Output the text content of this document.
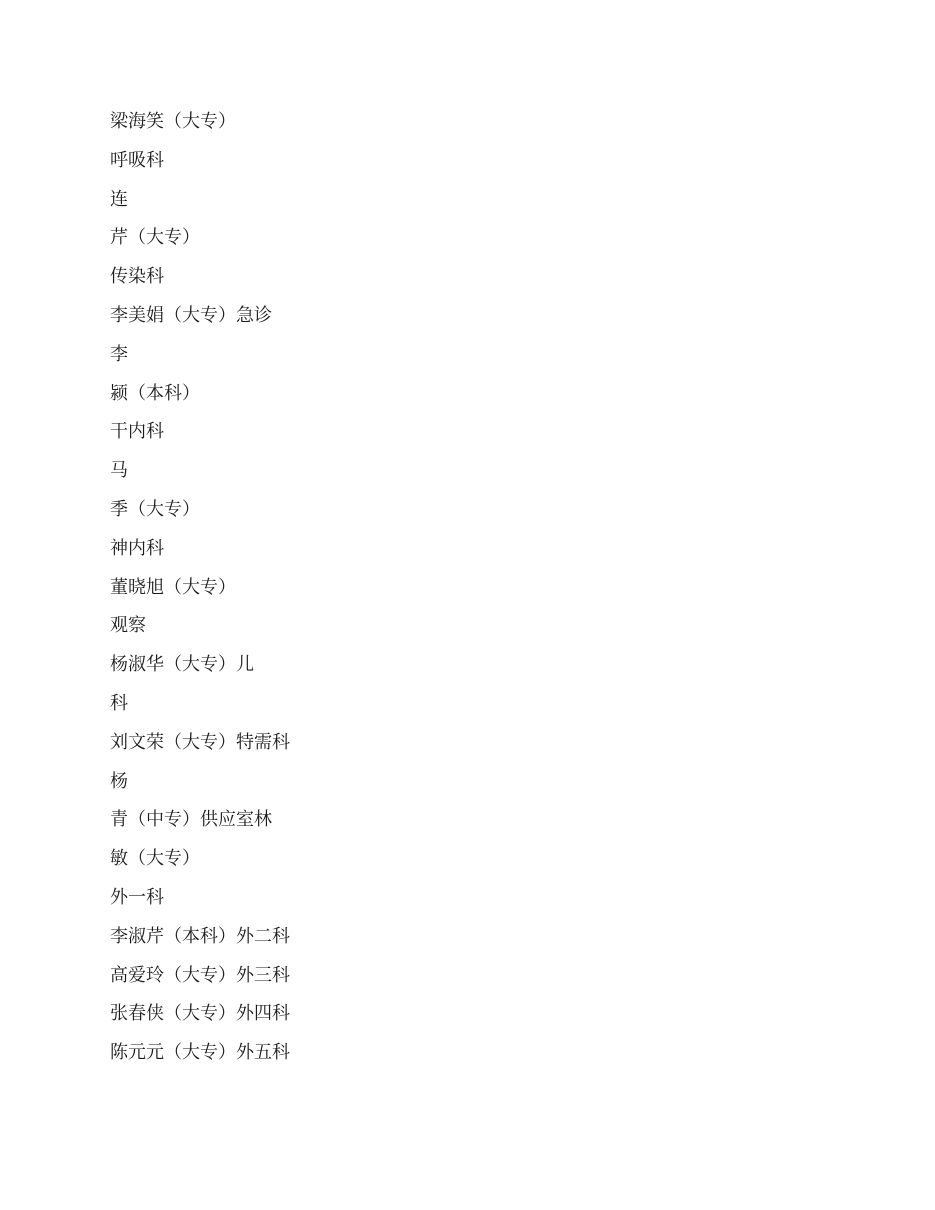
梁海笑（大专）
呼吸科
连
芹（大专）
传染科
李美娟（大专）急诊
李
颍（本科）
干内科
马
季（大专）
神内科
董晓旭（大专）
观察
杨淑华（大专）儿
科
刘文荣（大专）特需科
杨
青（中专）供应室林
敏（大专）
外一科
李淑芹（本科）外二科
高爱玲（大专）外三科
张春侠（大专）外四科
陈元元（大专）外五科
